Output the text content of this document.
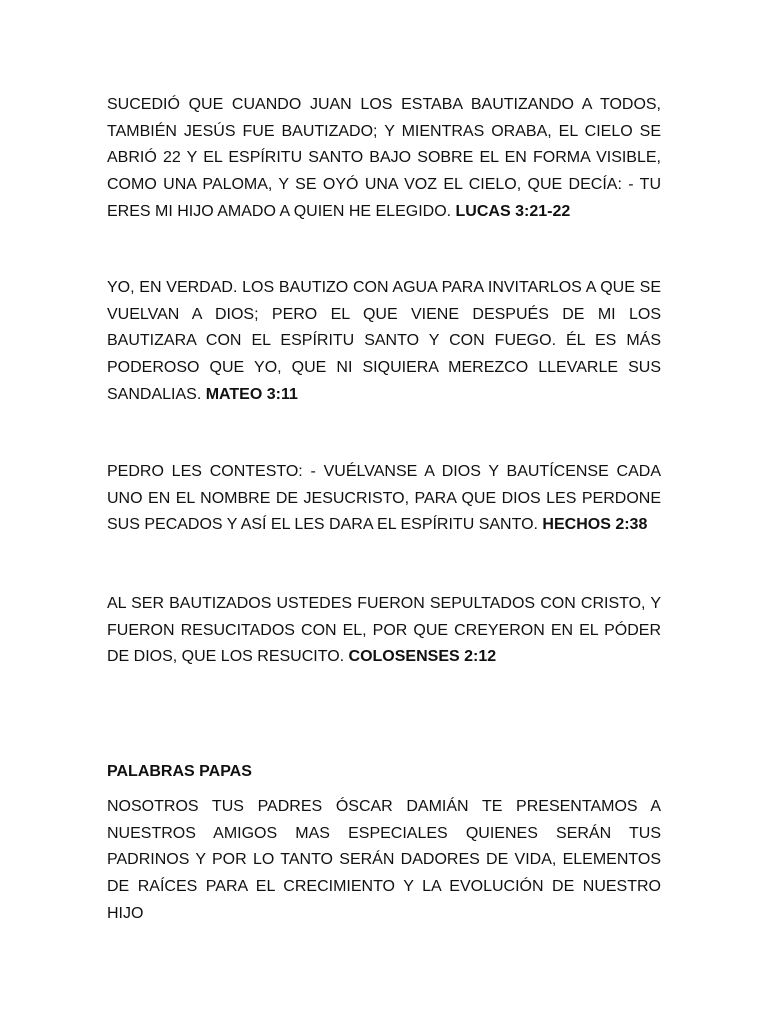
SUCEDIÓ QUE CUANDO JUAN LOS ESTABA BAUTIZANDO A TODOS, TAMBIÉN JESÚS FUE BAUTIZADO; Y MIENTRAS ORABA, EL CIELO SE ABRIÓ 22 Y EL ESPÍRITU SANTO BAJO SOBRE EL EN FORMA VISIBLE, COMO UNA PALOMA, Y SE OYÓ UNA VOZ EL CIELO, QUE DECÍA: - TU ERES MI HIJO AMADO A QUIEN HE ELEGIDO. LUCAS 3:21-22

YO, EN VERDAD. LOS BAUTIZO CON AGUA PARA INVITARLOS A QUE SE VUELVAN A DIOS; PERO EL QUE VIENE DESPUÉS DE MI LOS BAUTIZARA CON EL ESPÍRITU SANTO Y CON FUEGO. ÉL ES MÁS PODEROSO QUE YO, QUE NI SIQUIERA MEREZCO LLEVARLE SUS SANDALIAS. MATEO 3:11

PEDRO LES CONTESTO: - VUÉLVANSE A DIOS Y BAUTÍCENSE CADA UNO EN EL NOMBRE DE JESUCRISTO, PARA QUE DIOS LES PERDONE SUS PECADOS Y ASÍ EL LES DARA EL ESPÍRITU SANTO. HECHOS 2:38

AL SER BAUTIZADOS USTEDES FUERON SEPULTADOS CON CRISTO, Y FUERON RESUCITADOS CON EL, POR QUE CREYERON EN EL PÓDER DE DIOS, QUE LOS RESUCITO. COLOSENSES 2:12

PALABRAS PAPAS

NOSOTROS TUS PADRES ÓSCAR DAMIÁN TE PRESENTAMOS A NUESTROS AMIGOS MAS ESPECIALES QUIENES SERÁN TUS PADRINOS Y POR LO TANTO SERÁN DADORES DE VIDA, ELEMENTOS DE RAÍCES PARA EL CRECIMIENTO Y LA EVOLUCIÓN DE NUESTRO HIJO
